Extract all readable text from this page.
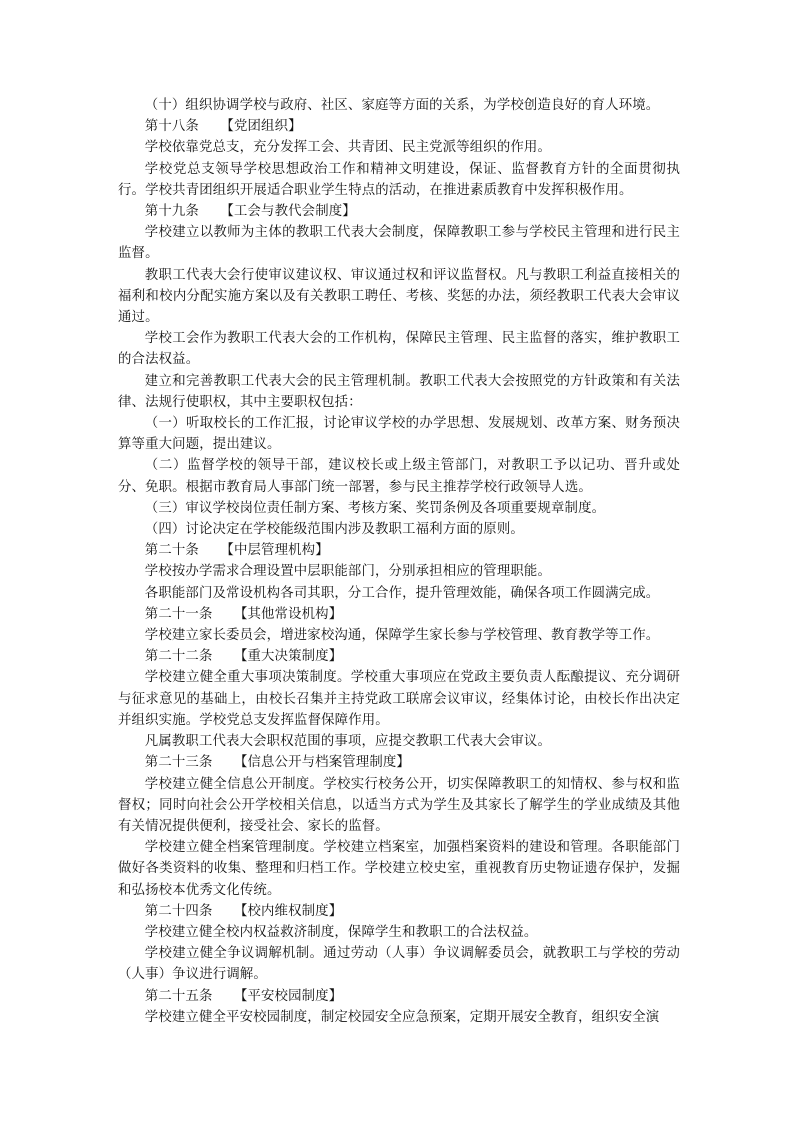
（十）组织协调学校与政府、社区、家庭等方面的关系，为学校创造良好的育人环境。

第十八条 【党团组织】

学校依靠党总支，充分发挥工会、共青团、民主党派等组织的作用。

学校党总支领导学校思想政治工作和精神文明建设，保证、监督教育方针的全面贯彻执行。学校共青团组织开展适合职业学生特点的活动，在推进素质教育中发挥积极作用。

第十九条 【工会与教代会制度】

学校建立以教师为主体的教职工代表大会制度，保障教职工参与学校民主管理和进行民主监督。

教职工代表大会行使审议建议权、审议通过权和评议监督权。凡与教职工利益直接相关的福利和校内分配实施方案以及有关教职工聘任、考核、奖惩的办法，须经教职工代表大会审议通过。

学校工会作为教职工代表大会的工作机构，保障民主管理、民主监督的落实，维护教职工的合法权益。

建立和完善教职工代表大会的民主管理机制。教职工代表大会按照党的方针政策和有关法律、法规行使职权，其中主要职权包括：

（一）听取校长的工作汇报，讨论审议学校的办学思想、发展规划、改革方案、财务预决算等重大问题，提出建议。

（二）监督学校的领导干部，建议校长或上级主管部门，对教职工予以记功、晋升或处分、免职。根据市教育局人事部门统一部署，参与民主推荐学校行政领导人选。

（三）审议学校岗位责任制方案、考核方案、奖罚条例及各项重要规章制度。

（四）讨论决定在学校能级范围内涉及教职工福利方面的原则。

第二十条 【中层管理机构】

学校按办学需求合理设置中层职能部门，分别承担相应的管理职能。

各职能部门及常设机构各司其职，分工合作，提升管理效能，确保各项工作圆满完成。

第二十一条 【其他常设机构】

学校建立家长委员会，增进家校沟通，保障学生家长参与学校管理、教育教学等工作。

第二十二条 【重大决策制度】

学校建立健全重大事项决策制度。学校重大事项应在党政主要负责人酝酿提议、充分调研与征求意见的基础上，由校长召集并主持党政工联席会议审议，经集体讨论，由校长作出决定并组织实施。学校党总支发挥监督保障作用。

凡属教职工代表大会职权范围的事项，应提交教职工代表大会审议。

第二十三条 【信息公开与档案管理制度】

学校建立健全信息公开制度。学校实行校务公开，切实保障教职工的知情权、参与权和监督权；同时向社会公开学校相关信息，以适当方式为学生及其家长了解学生的学业成绩及其他有关情况提供便利，接受社会、家长的监督。

学校建立健全档案管理制度。学校建立档案室，加强档案资料的建设和管理。各职能部门做好各类资料的收集、整理和归档工作。学校建立校史室，重视教育历史物证遗存保护，发掘和弘扬校本优秀文化传统。

第二十四条 【校内维权制度】

学校建立健全校内权益救济制度，保障学生和教职工的合法权益。

学校建立健全争议调解机制。通过劳动（人事）争议调解委员会，就教职工与学校的劳动（人事）争议进行调解。

第二十五条 【平安校园制度】

学校建立健全平安校园制度，制定校园安全应急预案，定期开展安全教育，组织安全演
